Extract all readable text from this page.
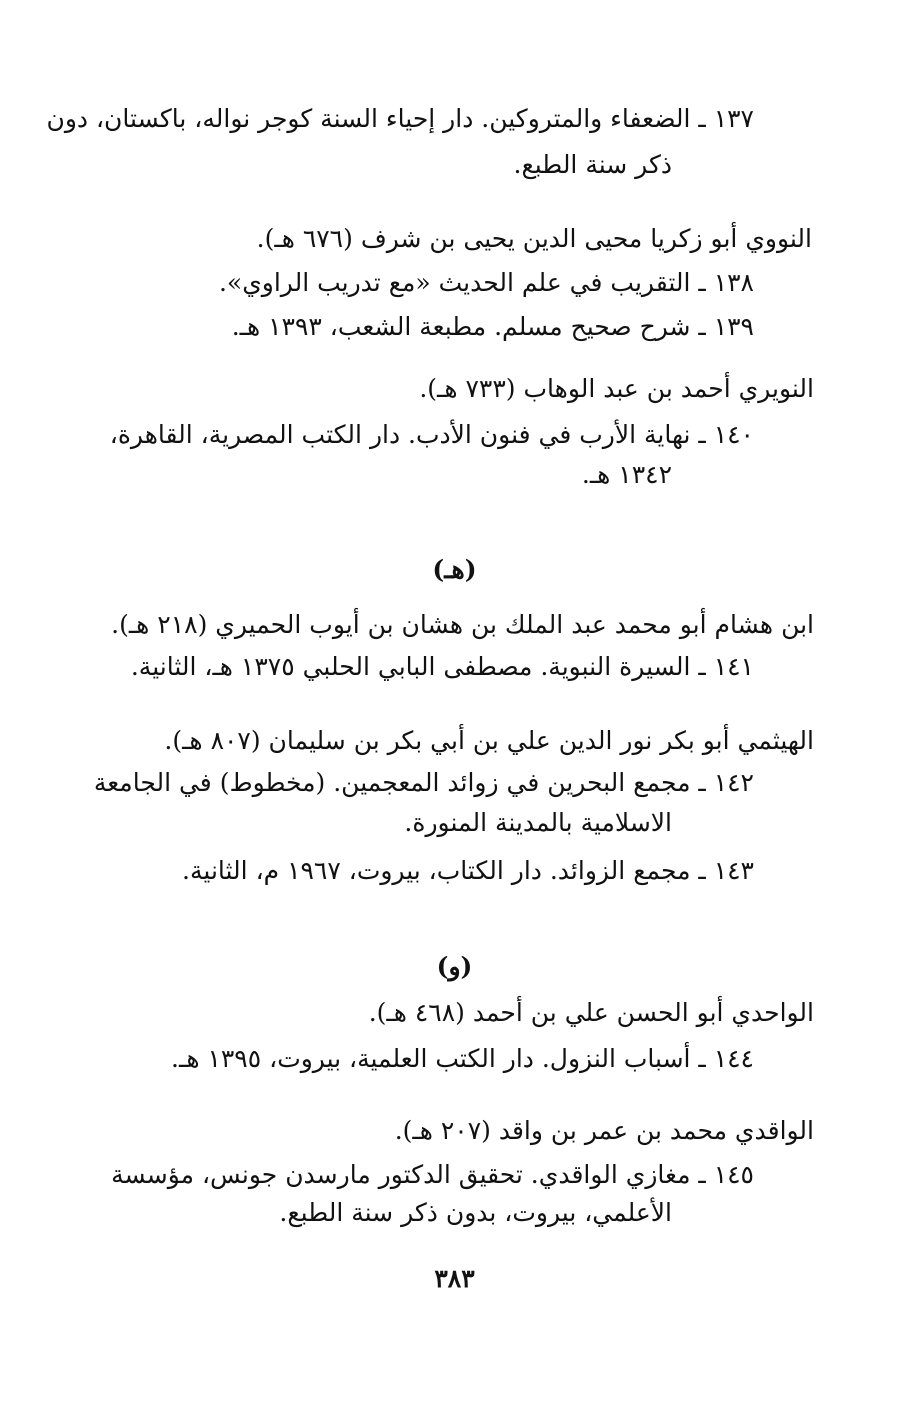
١٣٧ ـ الضعفاء والمتروكين. دار إحياء السنة كوجر نواله، باكستان، دون
ذكر سنة الطبع.
النووي أبو زكريا محيى الدين يحيى بن شرف (٦٧٦ هـ).
١٣٨ ـ التقريب في علم الحديث «مع تدريب الراوي».
١٣٩ ـ شرح صحيح مسلم. مطبعة الشعب، ١٣٩٣ هـ.
النويري أحمد بن عبد الوهاب (٧٣٣ هـ).
١٤٠ ـ نهاية الأرب في فنون الأدب. دار الكتب المصرية، القاهرة،
١٣٤٢ هـ.
(هـ)
ابن هشام أبو محمد عبد الملك بن هشان بن أيوب الحميري (٢١٨ هـ).
١٤١ ـ السيرة النبوية. مصطفى البابي الحلبي ١٣٧٥ هـ، الثانية.
الهيثمي أبو بكر نور الدين علي بن أبي بكر بن سليمان (٨٠٧ هـ).
١٤٢ ـ مجمع البحرين في زوائد المعجمين. (مخطوط) في الجامعة
الاسلامية بالمدينة المنورة.
١٤٣ ـ مجمع الزوائد. دار الكتاب، بيروت، ١٩٦٧ م، الثانية.
(و)
الواحدي أبو الحسن علي بن أحمد (٤٦٨ هـ).
١٤٤ ـ أسباب النزول. دار الكتب العلمية، بيروت، ١٣٩٥ هـ.
الواقدي محمد بن عمر بن واقد (٢٠٧ هـ).
١٤٥ ـ مغازي الواقدي. تحقيق الدكتور مارسدن جونس، مؤسسة
الأعلمي، بيروت، بدون ذكر سنة الطبع.
٣٨٣
